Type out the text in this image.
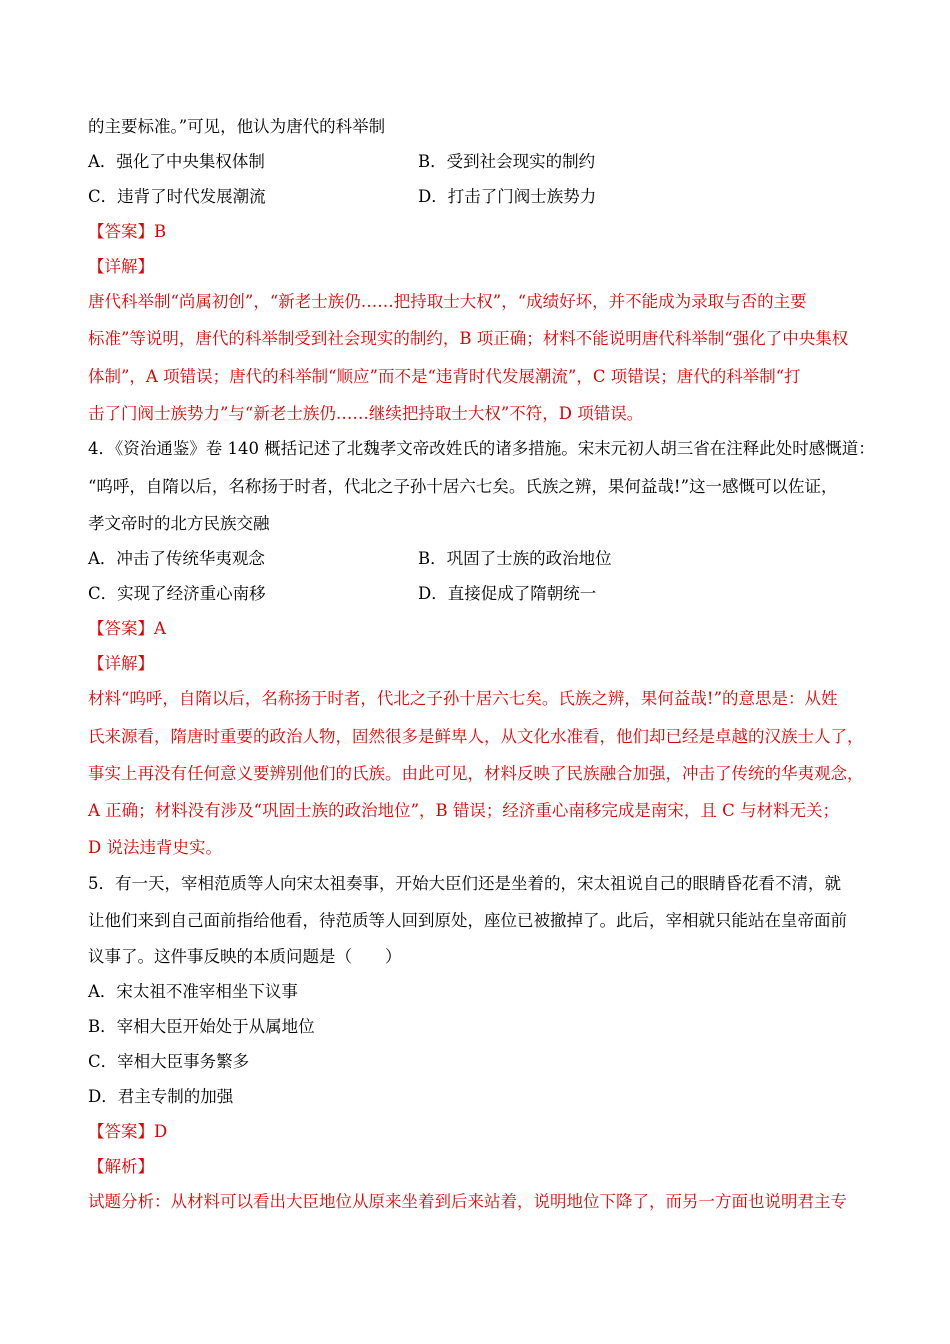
的主要标准。”可见，他认为唐代的科举制
A．强化了中央集权体制	B．受到社会现实的制约
C．违背了时代发展潮流	D．打击了门阀士族势力
【答案】B
【详解】
唐代科举制“尚属初创”，“新老士族仍……把持取士大权”，“成绩好坏，并不能成为录取与否的主要
标准”等说明，唐代的科举制受到社会现实的制约，B 项正确；材料不能说明唐代科举制“强化了中央集权
体制”，A 项错误；唐代的科举制“顺应”而不是“违背时代发展潮流”，C 项错误；唐代的科举制“打
击了门阀士族势力”与“新老士族仍……继续把持取士大权”不符，D 项错误。
4．《资治通鉴》卷 140 概括记述了北魏孝文帝改姓氏的诸多措施。宋末元初人胡三省在注释此处时感慨道：
“呜呼，自隋以后，名称扬于时者，代北之子孙十居六七矣。氏族之辨，果何益哉!”这一感慨可以佐证，
孝文帝时的北方民族交融
A．冲击了传统华夷观念	B．巩固了士族的政治地位
C．实现了经济重心南移	D．直接促成了隋朝统一
【答案】A
【详解】
材料“呜呼，自隋以后，名称扬于时者，代北之子孙十居六七矣。氏族之辨，果何益哉!”的意思是：从姓
氏来源看，隋唐时重要的政治人物，固然很多是鲜卑人，从文化水准看，他们却已经是卓越的汉族士人了，
事实上再没有任何意义要辨别他们的氏族。由此可见，材料反映了民族融合加强，冲击了传统的华夷观念，
A 正确；材料没有涉及“巩固士族的政治地位”，B 错误；经济重心南移完成是南宋，且 C 与材料无关；
D 说法违背史实。
5．有一天，宰相范质等人向宋太祖奏事，开始大臣们还是坐着的，宋太祖说自己的眼睛昏花看不清，就
让他们来到自己面前指给他看，待范质等人回到原处，座位已被撤掉了。此后，宰相就只能站在皇帝面前
议事了。这件事反映的本质问题是（　　）
A．宋太祖不准宰相坐下议事
B．宰相大臣开始处于从属地位
C．宰相大臣事务繁多
D．君主专制的加强
【答案】D
【解析】
试题分析：从材料可以看出大臣地位从原来坐着到后来站着，说明地位下降了，而另一方面也说明君主专
